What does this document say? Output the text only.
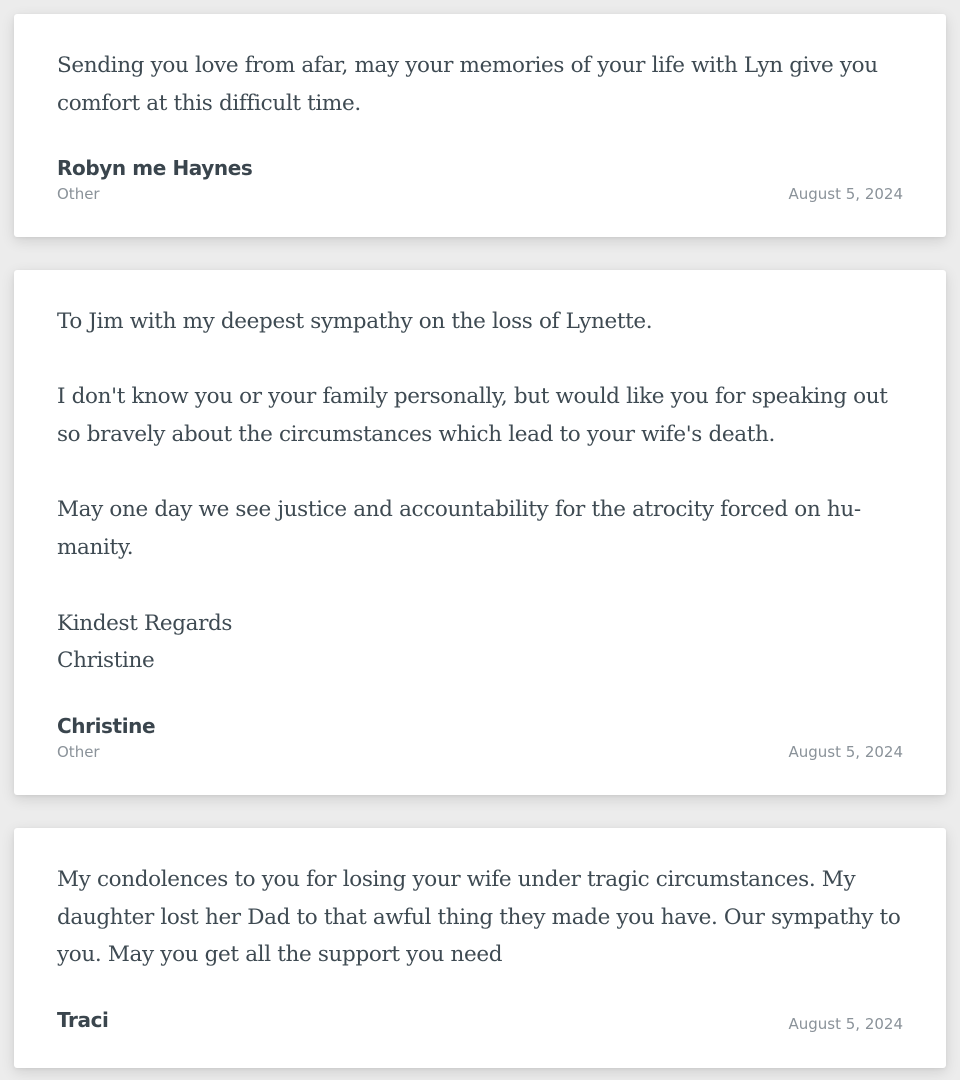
Sending you love from afar, may your memories of your life with Lyn give you comfort at this difficult time.

Robyn me Haynes
Other	August 5, 2024

To Jim with my deepest sympathy on the loss of Lynette.

I don't know you or your family personally, but would like you for speaking out so bravely about the circumstances which lead to your wife's death.

May one day we see justice and accountability for the atrocity forced on hu-manity.

Kindest Regards
Christine

Christine
Other	August 5, 2024

My condolences to you for losing your wife under tragic circumstances. My daughter lost her Dad to that awful thing they made you have. Our sympathy to you. May you get all the support you need

Traci	August 5, 2024
